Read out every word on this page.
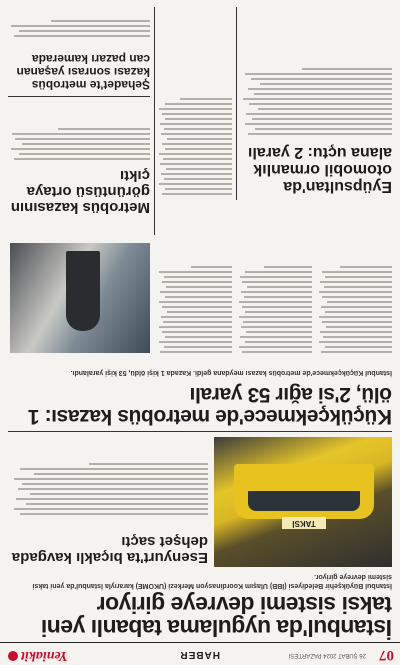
07
26 ŞUBAT 2024 PAZARTESİ
HABER
Yeniakit
İstanbul'da uygulama tabanlı yeni taksi sistemi devreye giriyor
İstanbul Büyükşehir Belediyesi (İBB) Ulaşım Koordinasyon Merkezi (UKOME) kararıyla İstanbul'da yeni taksi sistemi devreye giriyor.
TAKSİ
Esenyurt'ta bıçaklı kavgada dehşet saçtı
Küçükçekmece'de metrobüs kazası: 1 ölü, 2'si ağır 53 yaralı
İstanbul Küçükçekmece'de metrobüs kazası meydana geldi. Kazada 1 kişi öldü, 53 kişi yaralandı.
Eyüpsultan'da otomobil ormanlık alana uçtu: 2 yaralı
Metrobüs kazasının görüntüsü ortaya çıktı
Şehadet'te metrobüs kazası sonrası yaşanan can pazarı kamerada
